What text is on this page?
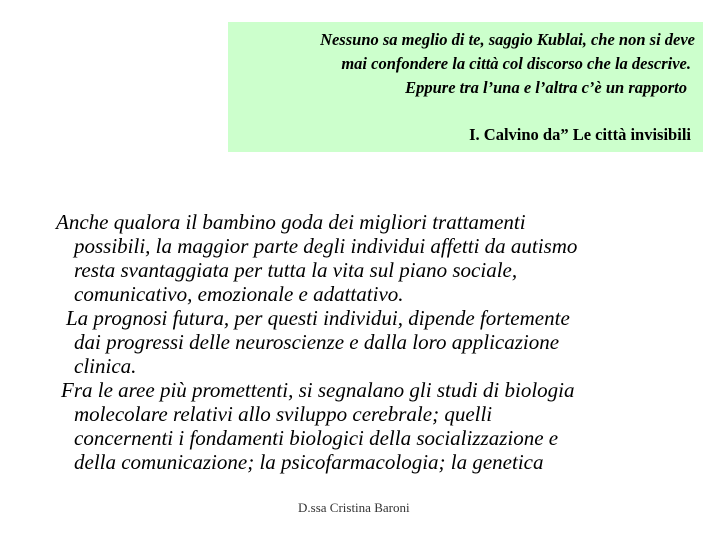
Nessuno sa meglio di te, saggio Kublai, che non si deve
mai confondere la città col discorso che la descrive.
Eppure tra l’una e l’altra c’è un rapporto
I. Calvino da” Le città invisibili
Anche qualora il bambino goda dei migliori trattamenti
possibili, la maggior parte degli individui affetti da autismo
resta svantaggiata per tutta la vita sul piano sociale,
comunicativo, emozionale e adattativo.
La prognosi futura, per questi individui, dipende fortemente
dai progressi delle neuroscienze e dalla loro applicazione
clinica.
Fra le aree più promettenti, si segnalano gli studi di biologia
molecolare relativi allo sviluppo cerebrale; quelli
concernenti i fondamenti biologici della socializzazione e
della comunicazione; la psicofarmacologia; la genetica
D.ssa Cristina Baroni
